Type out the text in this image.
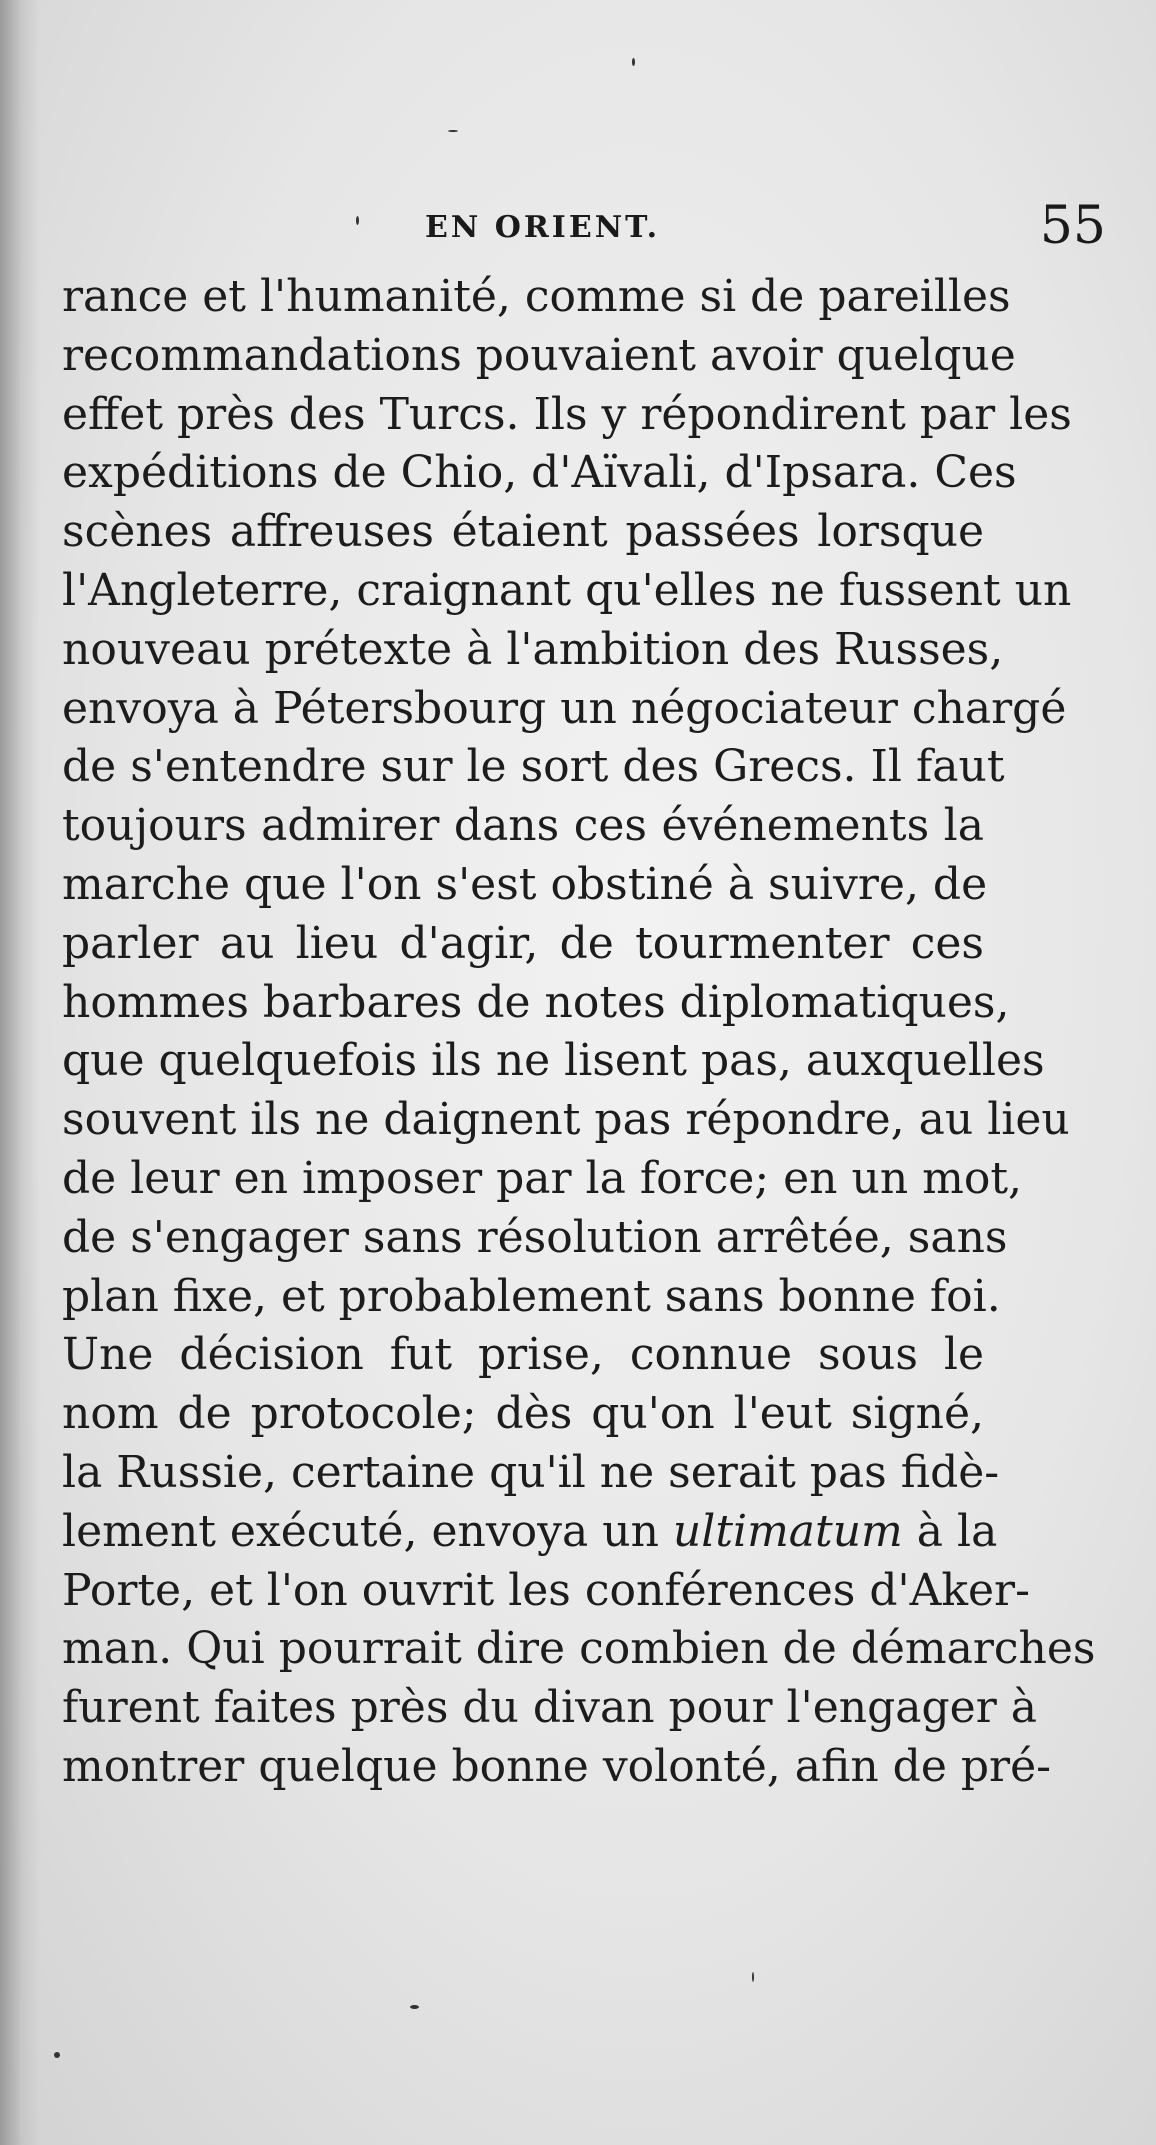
EN ORIENT.	55
rance et l'humanité, comme si de pareilles
recommandations pouvaient avoir quelque
effet près des Turcs. Ils y répondirent par les
expéditions de Chio, d'Aïvali, d'Ipsara. Ces
scènes affreuses étaient passées lorsque
l'Angleterre, craignant qu'elles ne fussent un
nouveau prétexte à l'ambition des Russes,
envoya à Pétersbourg un négociateur chargé
de s'entendre sur le sort des Grecs. Il faut
toujours admirer dans ces événements la
marche que l'on s'est obstiné à suivre, de
parler au lieu d'agir, de tourmenter ces
hommes barbares de notes diplomatiques,
que quelquefois ils ne lisent pas, auxquelles
souvent ils ne daignent pas répondre, au lieu
de leur en imposer par la force; en un mot,
de s'engager sans résolution arrêtée, sans
plan fixe, et probablement sans bonne foi.
Une décision fut prise, connue sous le
nom de protocole; dès qu'on l'eut signé,
la Russie, certaine qu'il ne serait pas fidè-
lement exécuté, envoya un ultimatum à la
Porte, et l'on ouvrit les conférences d'Aker-
man. Qui pourrait dire combien de démarches
furent faites près du divan pour l'engager à
montrer quelque bonne volonté, afin de pré-
